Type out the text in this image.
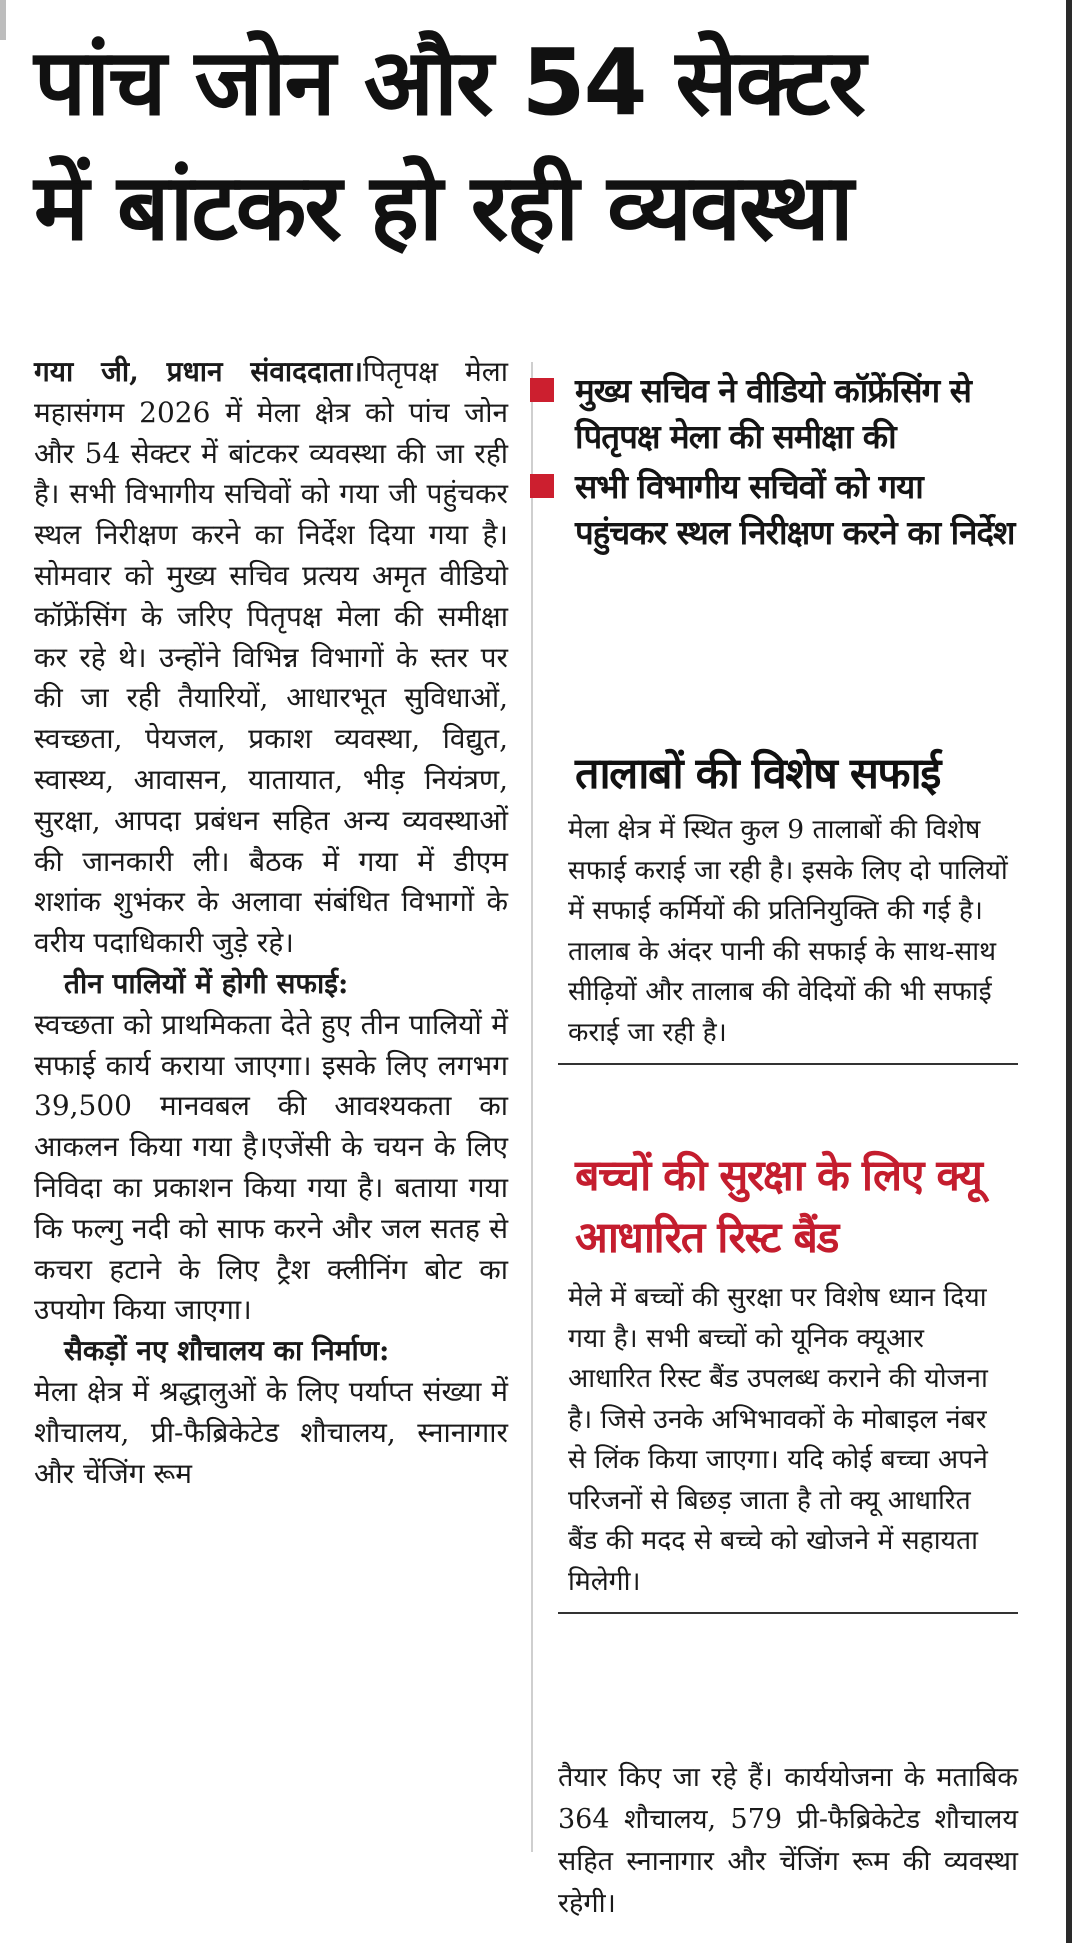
पांच जोन और 54 सेक्टर
में बांटकर हो रही व्यवस्था

गया जी, प्रधान संवाददाता।पितृपक्ष मेला महासंगम 2026 में मेला क्षेत्र को पांच जोन और 54 सेक्टर में बांटकर व्यवस्था की जा रही है। सभी विभागीय सचिवों को गया जी पहुंचकर स्थल निरीक्षण करने का निर्देश दिया गया है। सोमवार को मुख्य सचिव प्रत्यय अमृत वीडियो कॉफ्रेंसिंग के जरिए पितृपक्ष मेला की समीक्षा कर रहे थे। उन्होंने विभिन्न विभागों के स्तर पर की जा रही तैयारियों, आधारभूत सुविधाओं, स्वच्छता, पेयजल, प्रकाश व्यवस्था, विद्युत, स्वास्थ्य, आवासन, यातायात, भीड़ नियंत्रण, सुरक्षा, आपदा प्रबंधन सहित अन्य व्यवस्थाओं की जानकारी ली। बैठक में गया में डीएम शशांक शुभंकर के अलावा संबंधित विभागों के वरीय पदाधिकारी जुड़े रहे।

तीन पालियों में होगी सफाई:

स्वच्छता को प्राथमिकता देते हुए तीन पालियों में सफाई कार्य कराया जाएगा। इसके लिए लगभग 39,500 मानवबल की आवश्यकता का आकलन किया गया है।एजेंसी के चयन के लिए निविदा का प्रकाशन किया गया है। बताया गया कि फल्गु नदी को साफ करने और जल सतह से कचरा हटाने के लिए ट्रैश क्लीनिंग बोट का उपयोग किया जाएगा।

सैकड़ों नए शौचालय का निर्माण:

मेला क्षेत्र में श्रद्धालुओं के लिए पर्याप्त संख्या में शौचालय, प्री-फैब्रिकेटेड शौचालय, स्नानागार और चेंजिंग रूम

मुख्य सचिव ने वीडियो कॉफ्रेंसिंग से पितृपक्ष मेला की समीक्षा की
सभी विभागीय सचिवों को गया पहुंचकर स्थल निरीक्षण करने का निर्देश
तालाबों की विशेष सफाई

मेला क्षेत्र में स्थित कुल 9 तालाबों की विशेष सफाई कराई जा रही है। इसके लिए दो पालियों में सफाई कर्मियों की प्रतिनियुक्ति की गई है। तालाब के अंदर पानी की सफाई के साथ-साथ सीढ़ियों और तालाब की वेदियों की भी सफाई कराई जा रही है।

बच्चों की सुरक्षा के लिए क्यू आधारित रिस्ट बैंड

मेले में बच्चों की सुरक्षा पर विशेष ध्यान दिया गया है। सभी बच्चों को यूनिक क्यूआर आधारित रिस्ट बैंड उपलब्ध कराने की योजना है। जिसे उनके अभिभावकों के मोबाइल नंबर से लिंक किया जाएगा। यदि कोई बच्चा अपने परिजनों से बिछड़ जाता है तो क्यू आधारित बैंड की मदद से बच्चे को खोजने में सहायता मिलेगी।

तैयार किए जा रहे हैं। कार्ययोजना के मताबिक 364 शौचालय, 579 प्री-फैब्रिकेटेड शौचालय सहित स्नानागार और चेंजिंग रूम की व्यवस्था रहेगी।
